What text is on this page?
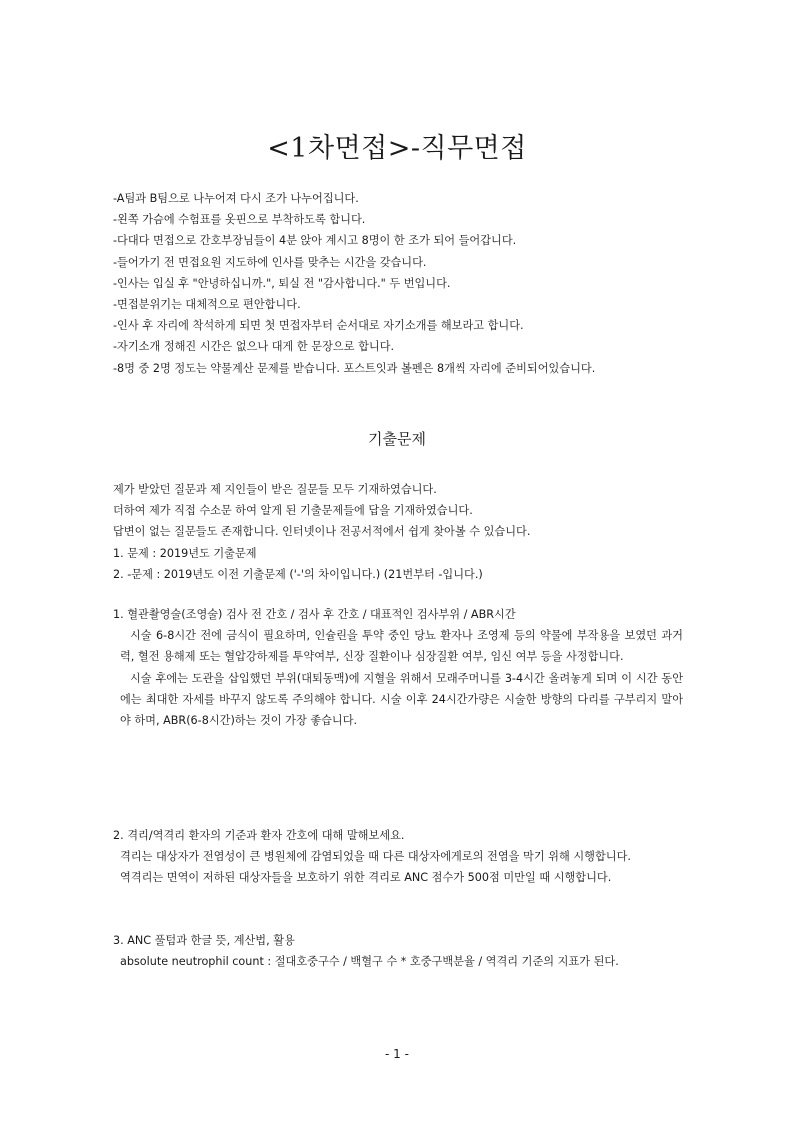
<1차면접>-직무면접
-A팀과 B팀으로 나누어져 다시 조가 나누어집니다.
-왼쪽 가슴에 수험표를 옷핀으로 부착하도록 합니다.
-다대다 면접으로 간호부장님들이 4분 앉아 계시고 8명이 한 조가 되어 들어갑니다.
-들어가기 전 면접요원 지도하에 인사를 맞추는 시간을 갖습니다.
-인사는 입실 후 "안녕하십니까.", 퇴실 전 "감사합니다." 두 번입니다.
-면접분위기는 대체적으로 편안합니다.
-인사 후 자리에 착석하게 되면 첫 면접자부터 순서대로 자기소개를 해보라고 합니다.
-자기소개 정해진 시간은 없으나 대게 한 문장으로 합니다.
-8명 중 2명 정도는 약물계산 문제를 받습니다. 포스트잇과 볼펜은 8개씩 자리에 준비되어있습니다.
기출문제
제가 받았던 질문과 제 지인들이 받은 질문들 모두 기재하였습니다.
더하여 제가 직접 수소문 하여 알게 된 기출문제들에 답을 기재하였습니다.
답변이 없는 질문들도 존재합니다. 인터넷이나 전공서적에서 쉽게 찾아볼 수 있습니다.
1. 문제 : 2019년도 기출문제
2. -문제 : 2019년도 이전 기출문제 ('-'의 차이입니다.) (21번부터 -입니다.)
1. 혈관촬영술(조영술) 검사 전 간호 / 검사 후 간호 / 대표적인 검사부위 / ABR시간
시술 6-8시간 전에 금식이 필요하며, 인슐린을 투약 중인 당뇨 환자나 조영제 등의 약물에 부작용을 보였던 과거력, 혈전 용해제 또는 혈압강하제를 투약여부, 신장 질환이나 심장질환 여부, 임신 여부 등을 사정합니다.
시술 후에는 도관을 삽입했던 부위(대퇴동맥)에 지혈을 위해서 모래주머니를 3-4시간 올려놓게 되며 이 시간 동안에는 최대한 자세를 바꾸지 않도록 주의해야 합니다. 시술 이후 24시간가량은 시술한 방향의 다리를 구부리지 말아야 하며, ABR(6-8시간)하는 것이 가장 좋습니다.
2. 격리/역격리 환자의 기준과 환자 간호에 대해 말해보세요.
격리는 대상자가 전염성이 큰 병원체에 감염되었을 때 다른 대상자에게로의 전염을 막기 위해 시행합니다.
역격리는 면역이 저하된 대상자들을 보호하기 위한 격리로 ANC 점수가 500점 미만일 때 시행합니다.
3. ANC 풀텀과 한글 뜻, 계산법, 활용
absolute neutrophil count : 절대호중구수 / 백혈구 수 * 호중구백분율 / 역격리 기준의 지표가 된다.
- 1 -
